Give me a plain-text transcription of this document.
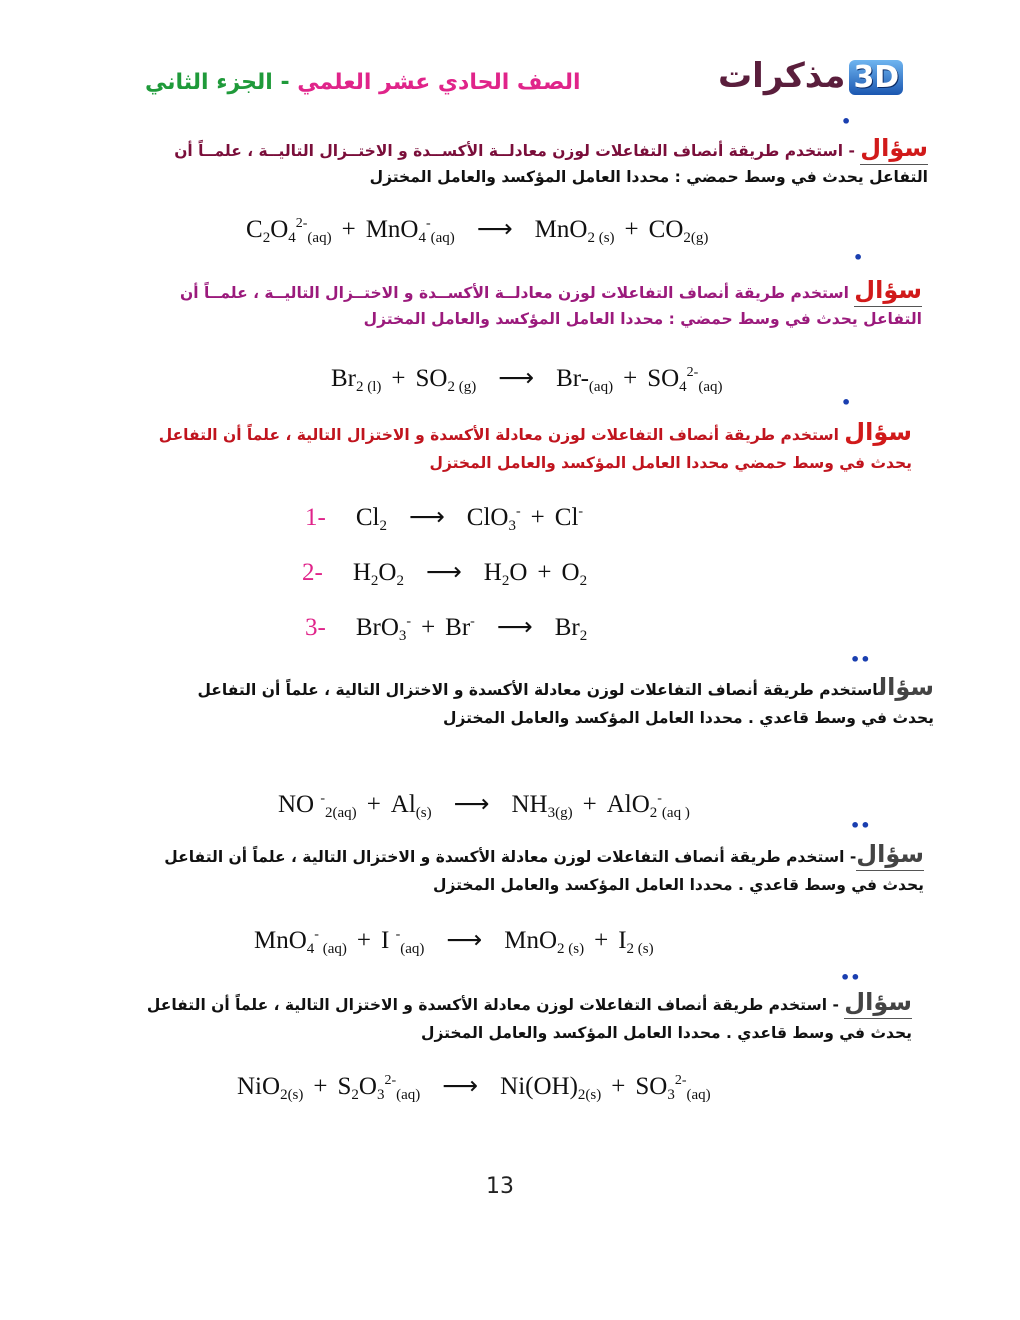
3Dمذكرات
الصف الحادي عشر العلمي - الجزء الثاني
•
•
•
••
••
••
سؤال - استخدم طريقة أنصاف التفاعلات لوزن معادلــة الأكســدة و الاختــزال التاليــة ، علمــاً أن
التفاعل يحدث في وسط حمضي : محددا العامل المؤكسد والعامل المختزل
سؤال استخدم طريقة أنصاف التفاعلات لوزن معادلــة الأكســدة و الاختــزال التاليــة ، علمــاً أن
التفاعل يحدث في وسط حمضي : محددا العامل المؤكسد والعامل المختزل
سؤال استخدم طريقة أنصاف التفاعلات لوزن معادلة الأكسدة و الاختزال التالية ، علماً أن التفاعل
يحدث في وسط حمضي محددا العامل المؤكسد والعامل المختزل
سؤالاستخدم طريقة أنصاف التفاعلات لوزن معادلة الأكسدة و الاختزال التالية ، علماً أن التفاعل
يحدث في وسط قاعدي . محددا العامل المؤكسد والعامل المختزل
سؤال- استخدم طريقة أنصاف التفاعلات لوزن معادلة الأكسدة و الاختزال التالية ، علماً أن التفاعل
يحدث في وسط قاعدي . محددا العامل المؤكسد والعامل المختزل
سؤال - استخدم طريقة أنصاف التفاعلات لوزن معادلة الأكسدة و الاختزال التالية ، علماً أن التفاعل
يحدث في وسط قاعدي . محددا العامل المؤكسد والعامل المختزل
$C_2O_4^{2-}_{(aq)} + MnO_4^-_{(aq)}$ ⟶ $MnO_{2 (s)} + CO_{2(g)}$
$Br_{2 (l)} + SO_{2 (g)}$ ⟶ $Br-_{(aq)} + SO_4^{2-}_{(aq)}$
1- $Cl_2$ ⟶ ClO$_3$- + Cl-
2- $H_2O_2$ ⟶ $H_2O + O_2$
3- BrO$_3$- + Br- ⟶ $Br_2$
NO $^-_{2(aq)} + Al_{(s)}$ ⟶ $NH_{3(g)} + AlO_2^-_{(aq )}$
MnO$_4$- $_{(aq)}$ + I -$_{(aq)}$ ⟶ $MnO_{2 (s)} + I_{2 (s)}$
$NiO_{2(s)} + S_2O_3^{2-}_{(aq)}$ ⟶ $Ni(OH)_{2(s)} + SO_3^{2-}_{(aq)}$
13
